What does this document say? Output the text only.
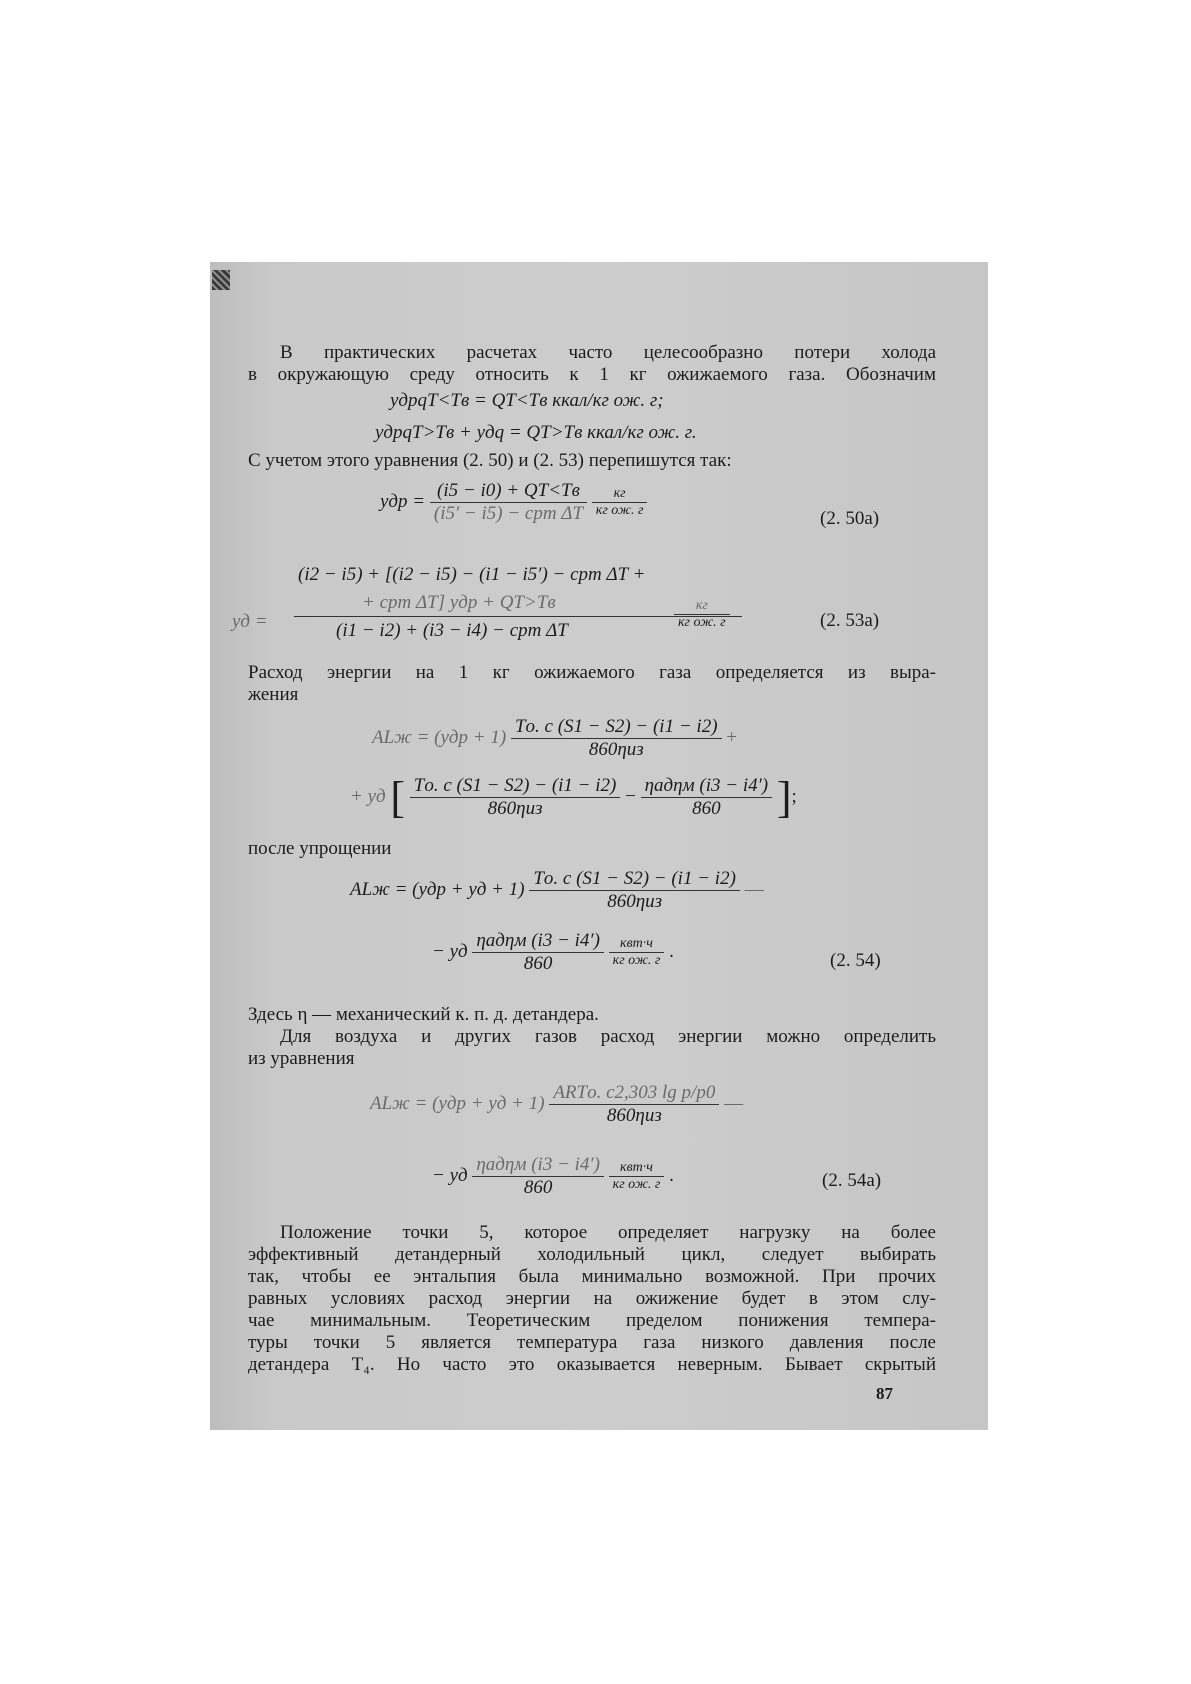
В практических расчетах часто целесообразно потери холода
в окружающую среду относить к 1 кг ожижаемого газа. Обозначим
yдрqT<Tв = QT<Tв ккал/кг ож. г;
yдрqT>Tв + yдq = QT>Tв ккал/кг ож. г.
С учетом этого уравнения (2. 50) и (2. 53) перепишутся так:
yдр = $\frac{(i5 - i0) + QT<Tв}{\text{(i5′ − i5) − cpm ΔT}}$
$\frac{кг}{\text{кг ож. г}}$	(2. 50a)
(i2 − i5) + [(i2 − i5) − (i1 − i5′) − cpm ΔT +
yд =
+ cpm ΔT] yдр + QT>Tв
(i1 − i2) + (i3 − i4) − cpm ΔT	$\frac{кг}{\text{кг ож. г}}$	(2. 53a)
Расход энергии на 1 кг ожижаемого газа определяется из выра-
жения
ALж = $(yдр + 1) \frac{Tо. с (S1 - S2) - (i1 - i2)}{\text{860ηиз}}$ +
+ yд [ $\frac{Tо. с (S1 - S2) - (i1 - i2)}{\text{860ηиз}} - \frac{\text{ηадηм (i3 − i4′)}}{860}$ ];
после упрощении
ALж = (yдр + yд + $1) \frac{Tо. с (S1 - S2) - (i1 - i2)}{\text{860ηиз}}$ —
− yд $\frac{\text{ηадηм (i3 − i4′)}}{860}$
$\frac{\text{квт·ч}}{\text{кг ож. г}}$ .	(2. 54)
Здесь η — механический к. п. д. детандера.
Для воздуха и других газов расход энергии можно определить
из уравнения
ALж = (yдр + yд + $1) \frac{\text{ARTо. с2,303 lg p/p0}}{\text{860ηиз}}$ —
− yд $\frac{\text{ηадηм (i3 − i4′)}}{860}$
$\frac{\text{квт·ч}}{\text{кг ож. г}}$ .	(2. 54a)
Положение точки 5, которое определяет нагрузку на более
эффективный детандерный холодильный цикл, следует выбирать
так, чтобы ее энтальпия была минимально возможной. При прочих
равных условиях расход энергии на ожижение будет в этом слу-
чае минимальным. Теоретическим пределом понижения темпера-
туры точки 5 является температура газа низкого давления после
детандера T₄. Но часто это оказывается неверным. Бывает скрытый
87
